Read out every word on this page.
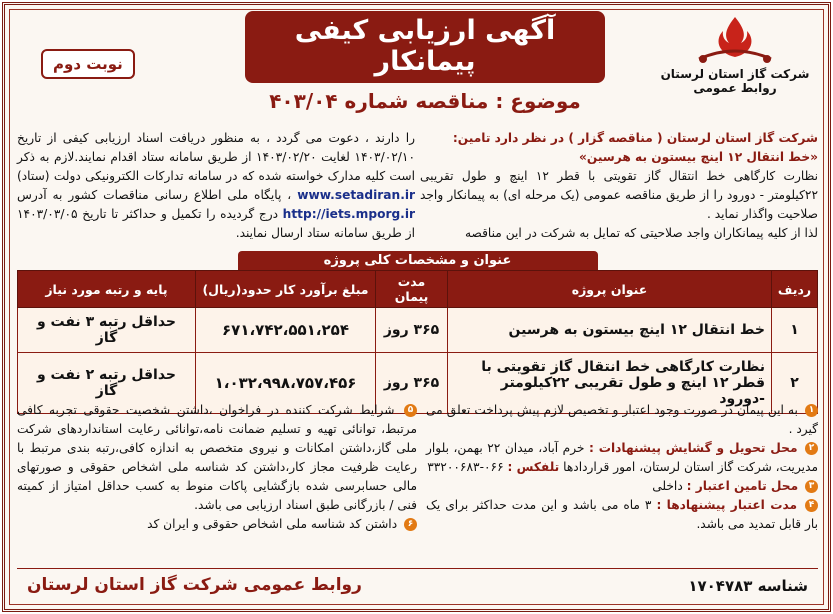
شرکت گاز استان لرستان
روابط عمومی
آگهی ارزیابی کیفی پیمانکار
موضوع : مناقصه شماره ۴۰۳/۰۴
نوبت دوم
شرکت گاز استان لرستان ( مناقصه گزار ) در نظر دارد تامین:
«خط انتقال ۱۲ اینچ بیستون به هرسین»
نظارت کارگاهی خط انتقال گاز تقویتی با قطر ۱۲ اینچ و طول تقریبی ۲۲کیلومتر - دورود را از طریق مناقصه عمومی (یک مرحله ای) به پیمانکار واجد صلاحیت واگذار نماید .
لذا از کلیه پیمانکاران واجد صلاحیتی که تمایل به شرکت در این مناقصه
را دارند ، دعوت می گردد ، به منظور دریافت اسناد ارزیابی کیفی از تاریخ ۱۴۰۳/۰۲/۱۰ لغایت ۱۴۰۳/۰۲/۲۰ از طریق سامانه ستاد اقدام نمایند.لازم به ذکر است کلیه مدارک خواسته شده که در سامانه تدارکات الکترونیکی دولت (ستاد) www.setadiran.ir ، پایگاه ملی اطلاع رسانی مناقصات کشور به آدرس http://iets.mporg.ir درج گردیده را تکمیل و حداکثر تا تاریخ ۱۴۰۳/۰۳/۰۵ از طریق سامانه ستاد ارسال نمایند.
عنوان و مشخصات کلی پروژه
ردیف	عنوان پروژه	مدت پیمان	مبلغ برآورد کار حدود(ریال)	پایه و رتبه مورد نیاز
۱	خط انتقال ۱۲ اینچ بیستون به هرسین	۳۶۵ روز	۶۷۱،۷۴۲،۵۵۱،۲۵۴	حداقل رتبه ۳ نفت و گاز
۲	نظارت کارگاهی خط انتقال گاز تقویتی با قطر ۱۲ اینچ و طول تقریبی ۲۲کیلومتر -دورود	۳۶۵ روز	۱،۰۳۲،۹۹۸،۷۵۷،۴۵۶	حداقل رتبه ۲ نفت و گاز
۱ به این پیمان در صورت وجود اعتبار و تخصیص لازم پیش پرداخت تعلق می گیرد .
۲ محل تحویل و گشایش پیشنهادات : خرم آباد، میدان ۲۲ بهمن، بلوار مدیریت، شرکت گاز استان لرستان، امور قراردادها تلفکس : ۰۶۶-۳۳۲۰۰۶۸۳
۳ محل تامین اعتبار : داخلی
۴ مدت اعتبار پیشنهادها : ۳ ماه می باشد و این مدت حداکثر برای یک بار قابل تمدید می باشد.
۵ شرایط شرکت کننده در فراخوان ،داشتن شخصیت حقوقی تجربه کافی مرتبط، توانائی تهیه و تسلیم ضمانت نامه،توانائی رعایت استانداردهای شرکت ملی گاز،داشتن امکانات و نیروی متخصص به اندازه کافی،رتبه بندی مرتبط با رعایت ظرفیت مجاز کار،داشتن کد شناسه ملی اشخاص حقوقی و صورتهای مالی حسابرسی شده بازگشایی پاکات منوط به کسب حداقل امتیاز از کمیته فنی / بازرگانی طبق اسناد ارزیابی می باشد.
۶ داشتن کد شناسه ملی اشخاص حقوقی و ایران کد
روابط عمومی شرکت گاز استان لرستان	شناسه ۱۷۰۴۷۸۳
